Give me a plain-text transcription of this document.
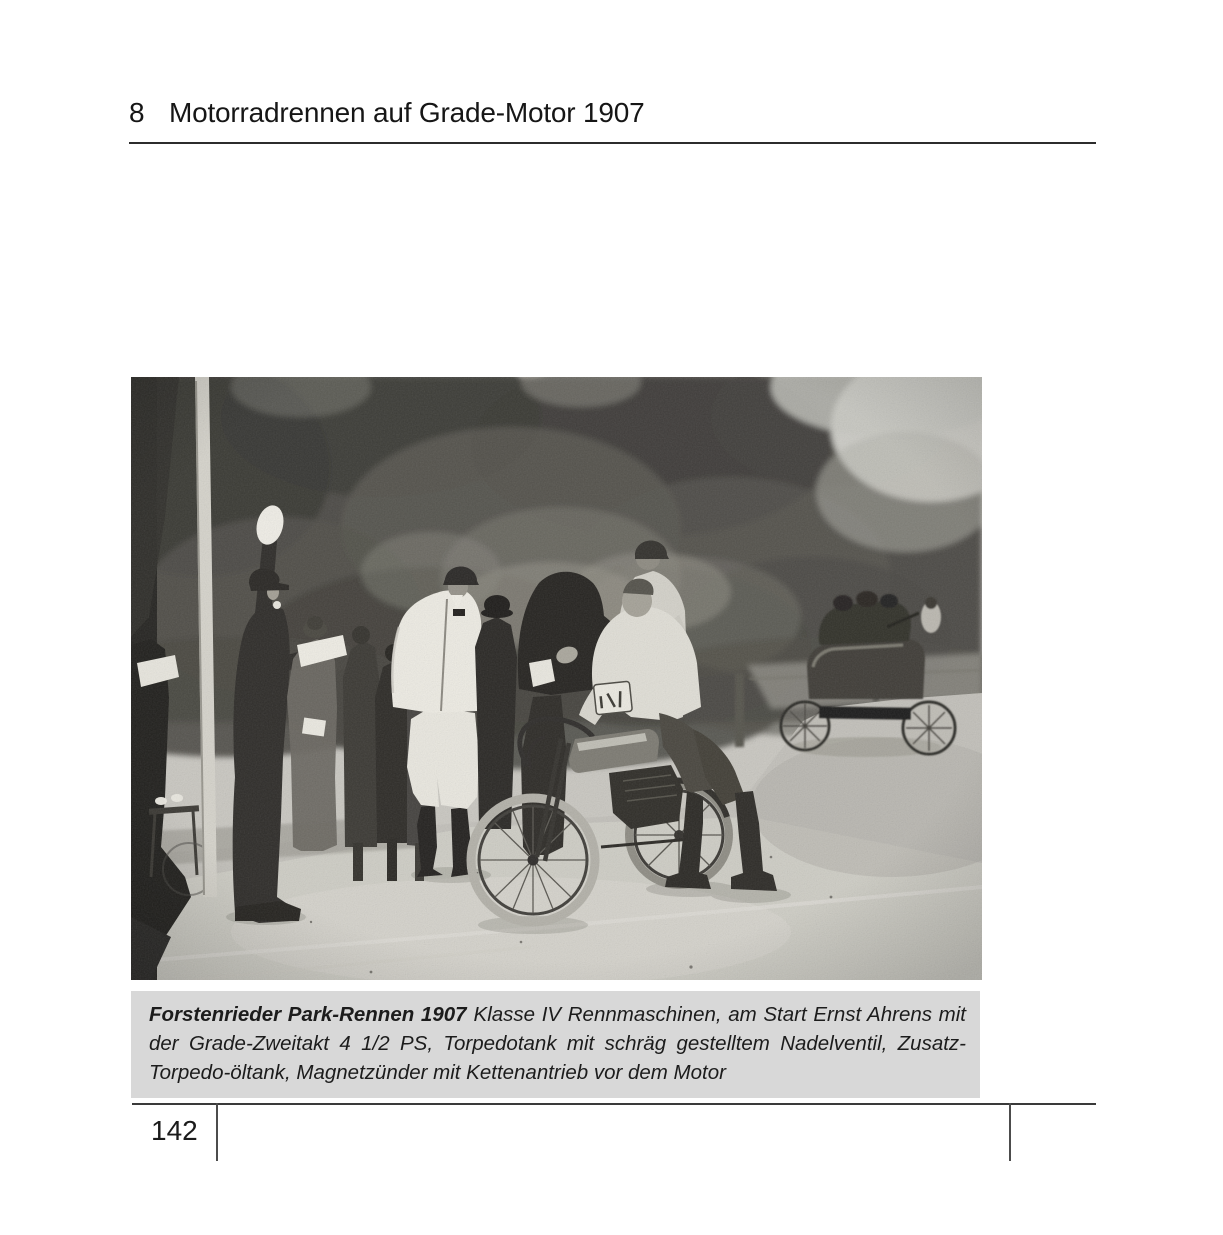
8 Motorradrennen auf Grade-Motor 1907
Forstenrieder Park-Rennen 1907 Klasse IV Rennmaschinen, am Start Ernst Ahrens mit der Grade-Zweitakt 4 1/2 PS, Torpedotank mit schräg gestelltem Nadelventil, Zusatz-Torpedo-öltank, Magnetzünder mit Kettenantrieb vor dem Motor
142
